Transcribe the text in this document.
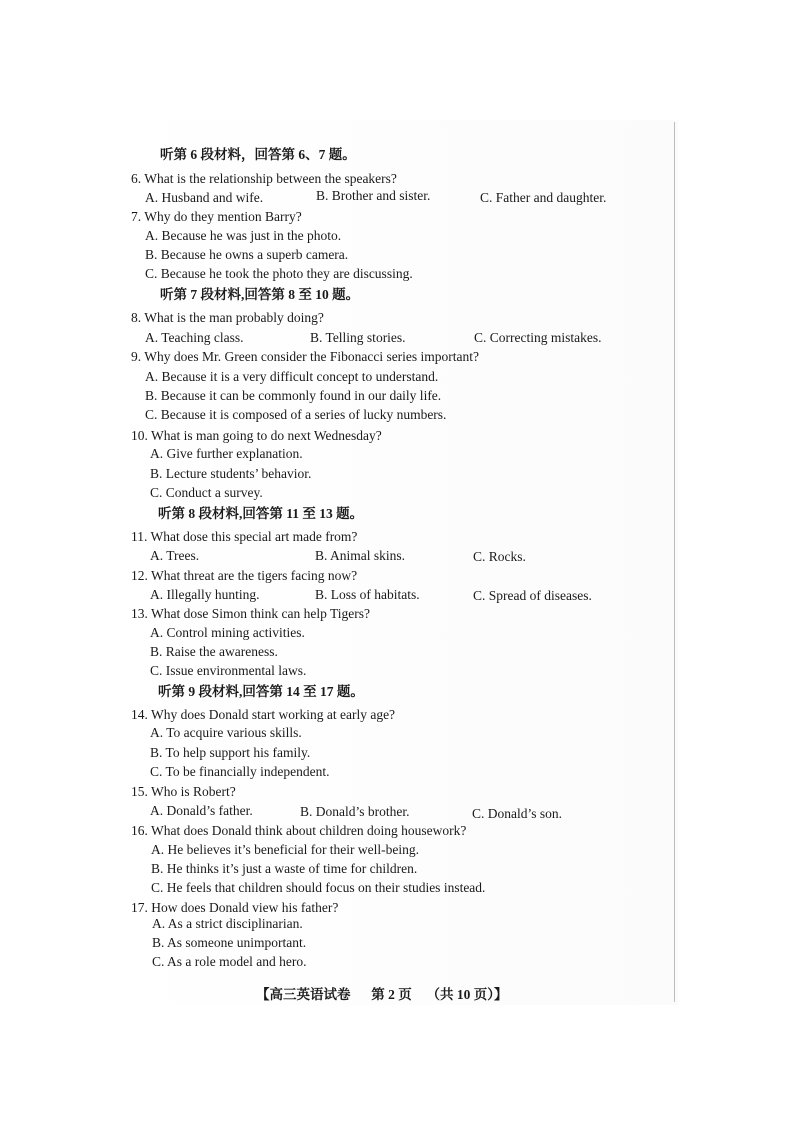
听第 6 段材料，回答第 6、7 题。
6. What is the relationship between the speakers?
A. Husband and wife.	B. Brother and sister.	C. Father and daughter.
7. Why do they mention Barry?
A. Because he was just in the photo.
B. Because he owns a superb camera.
C. Because he took the photo they are discussing.
听第 7 段材料,回答第 8 至 10 题。
8. What is the man probably doing?
A. Teaching class.	B. Telling stories.	C. Correcting mistakes.
9. Why does Mr. Green consider the Fibonacci series important?
A. Because it is a very difficult concept to understand.
B. Because it can be commonly found in our daily life.
C. Because it is composed of a series of lucky numbers.
10. What is man going to do next Wednesday?
A. Give further explanation.
B. Lecture students’ behavior.
C. Conduct a survey.
听第 8 段材料,回答第 11 至 13 题。
11. What dose this special art made from?
A. Trees.	B. Animal skins.	C. Rocks.
12. What threat are the tigers facing now?
A. Illegally hunting.	B. Loss of habitats.	C. Spread of diseases.
13. What dose Simon think can help Tigers?
A. Control mining activities.
B. Raise the awareness.
C. Issue environmental laws.
听第 9 段材料,回答第 14 至 17 题。
14. Why does Donald start working at early age?
A. To acquire various skills.
B. To help support his family.
C. To be financially independent.
15. Who is Robert?
A. Donald’s father.	B. Donald’s brother.	C. Donald’s son.
16. What does Donald think about children doing housework?
A. He believes it’s beneficial for their well-being.
B. He thinks it’s just a waste of time for children.
C. He feels that children should focus on their studies instead.
17. How does Donald view his father?
A. As a strict disciplinarian.
B. As someone unimportant.
C. As a role model and hero.
【高三英语试卷 第 2 页 （共 10 页）】
